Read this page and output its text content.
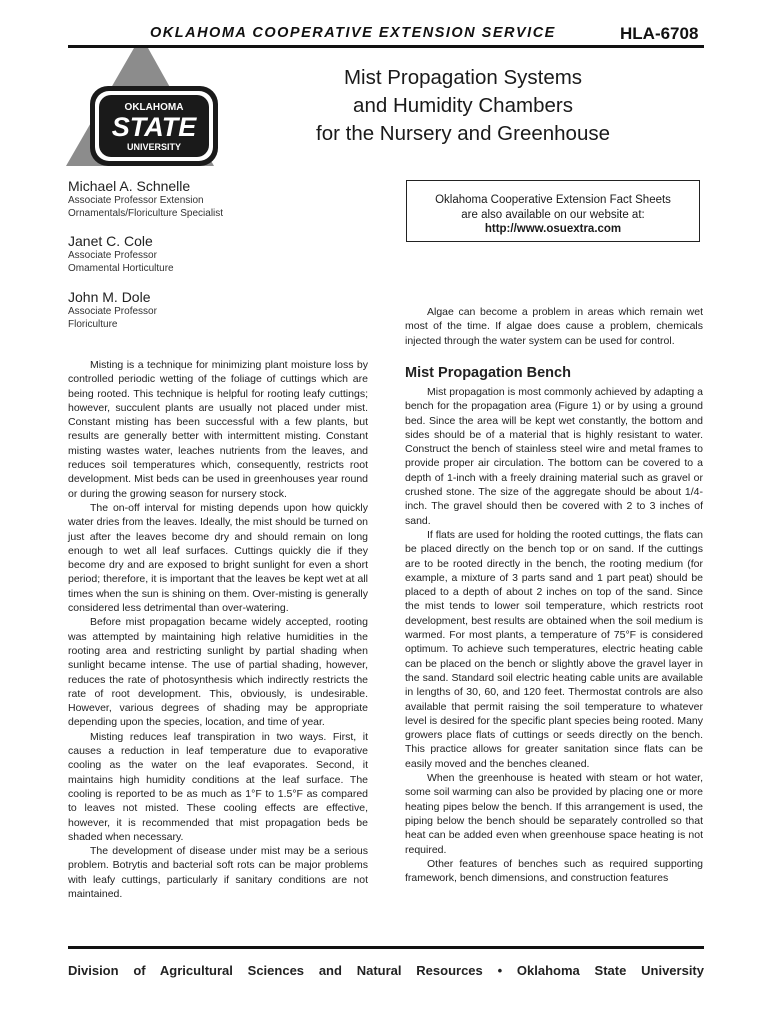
OKLAHOMA COOPERATIVE EXTENSION SERVICE	HLA-6708
OKLAHOMA
STATE
UNIVERSITY
Mist Propagation Systems
and Humidity Chambers
for the Nursery and Greenhouse
Michael A. Schnelle
Associate Professor Extension
Ornamentals/Floriculture Specialist
Janet C. Cole
Associate Professor
Omamental Horticulture
John M. Dole
Associate Professor
Floriculture
Oklahoma Cooperative Extension Fact Sheets
are also available on our website at:
http://www.osuextra.com

Misting is a technique for minimizing plant moisture loss by controlled periodic wetting of the foliage of cuttings which are being rooted. This technique is helpful for rooting leafy cuttings; however, succulent plants are usually not placed under mist. Constant misting has been successful with a few plants, but results are generally better with intermittent misting. Constant misting wastes water, leaches nutrients from the leaves, and reduces soil temperatures which, consequently, restricts root development. Mist beds can be used in greenhouses year round or during the growing season for nursery stock.

The on-off interval for misting depends upon how quickly water dries from the leaves. Ideally, the mist should be turned on just after the leaves become dry and should remain on long enough to wet all leaf surfaces. Cuttings quickly die if they become dry and are exposed to bright sunlight for even a short period; therefore, it is important that the leaves be kept wet at all times when the sun is shining on them. Over-misting is generally considered less detrimental than over-watering.

Before mist propagation became widely accepted, rooting was attempted by maintaining high relative humidities in the rooting area and restricting sunlight by partial shading when sunlight became intense. The use of partial shading, however, reduces the rate of photosynthesis which indirectly restricts the rate of root development. This, obviously, is undesirable. However, various degrees of shading may be appropriate depending upon the species, location, and time of year.

Misting reduces leaf transpiration in two ways. First, it causes a reduction in leaf temperature due to evaporative cooling as the water on the leaf evaporates. Second, it maintains high humidity conditions at the leaf surface. The cooling is reported to be as much as 1°F to 1.5°F as compared to leaves not misted. These cooling effects are effective, however, it is recommended that mist propagation beds be shaded when necessary.

The development of disease under mist may be a serious problem. Botrytis and bacterial soft rots can be major problems with leafy cuttings, particularly if sanitary conditions are not maintained.

Algae can become a problem in areas which remain wet most of the time. If algae does cause a problem, chemicals injected through the water system can be used for control.

Mist Propagation Bench

Mist propagation is most commonly achieved by adapting a bench for the propagation area (Figure 1) or by using a ground bed. Since the area will be kept wet constantly, the bottom and sides should be of a material that is highly resistant to water. Construct the bench of stainless steel wire and metal frames to provide proper air circulation. The bottom can be covered to a depth of 1-inch with a freely draining material such as gravel or crushed stone. The size of the aggregate should be about 1/4-inch. The gravel should then be covered with 2 to 3 inches of sand.

If flats are used for holding the rooted cuttings, the flats can be placed directly on the bench top or on sand. If the cuttings are to be rooted directly in the bench, the rooting medium (for example, a mixture of 3 parts sand and 1 part peat) should be placed to a depth of about 2 inches on top of the sand. Since the mist tends to lower soil temperature, which restricts root development, best results are obtained when the soil medium is warmed. For most plants, a temperature of 75°F is considered optimum. To achieve such temperatures, electric heating cable can be placed on the bench or slightly above the gravel layer in the sand. Standard soil electric heating cable units are available in lengths of 30, 60, and 120 feet. Thermostat controls are also available that permit raising the soil temperature to whatever level is desired for the specific plant species being rooted. Many growers place flats of cuttings or seeds directly on the bench. This practice allows for greater sanitation since flats can be easily moved and the benches cleaned.

When the greenhouse is heated with steam or hot water, some soil warming can also be provided by placing one or more heating pipes below the bench. If this arrangement is used, the piping below the bench should be separately controlled so that heat can be added even when greenhouse space heating is not required.

Other features of benches such as required supporting framework, bench dimensions, and construction features

Division of Agricultural Sciences and Natural Resources • Oklahoma State University
